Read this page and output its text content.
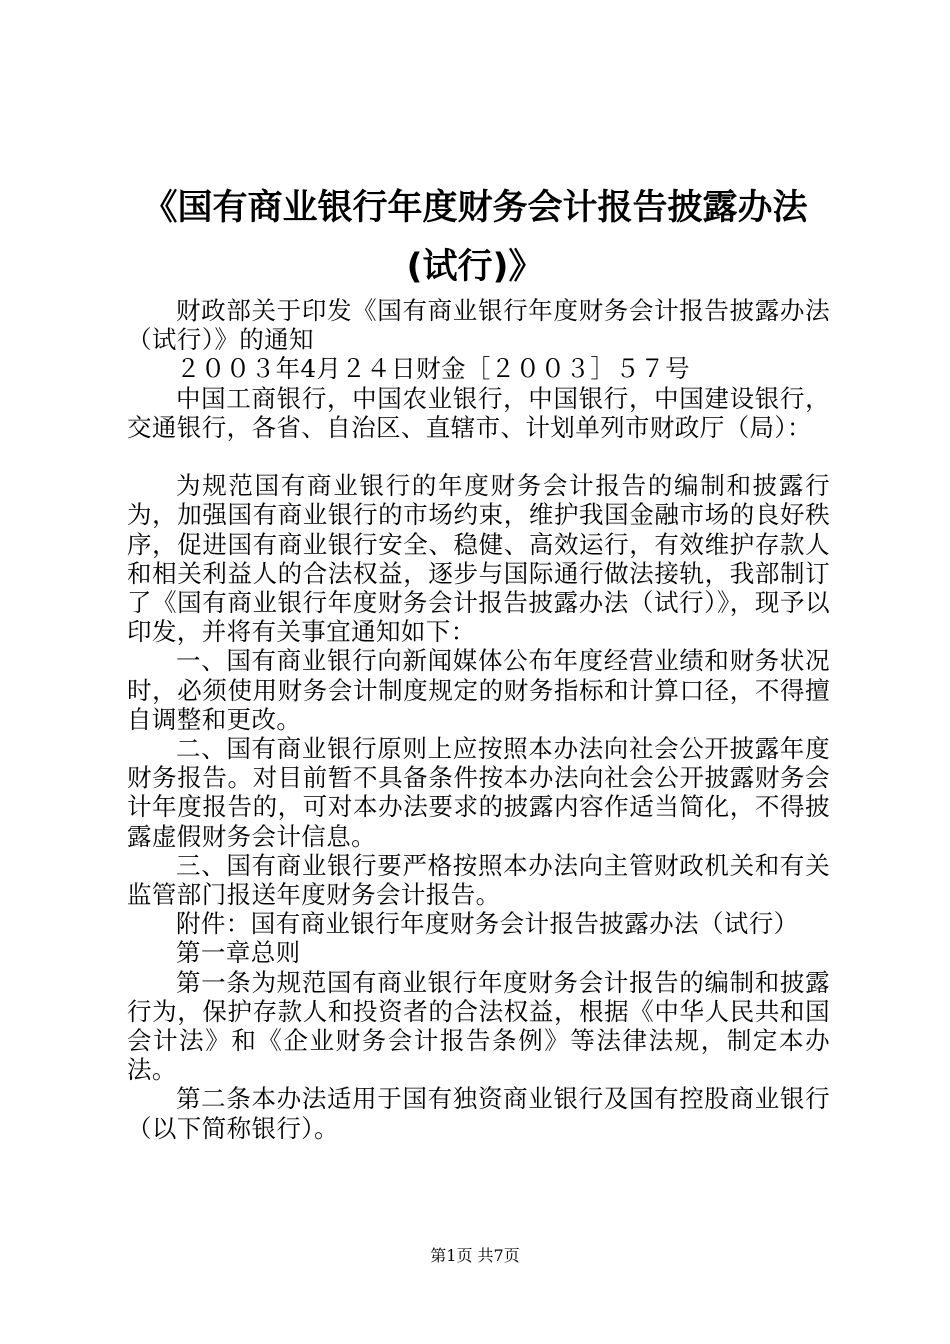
《国有商业银行年度财务会计报告披露办法
(试行)》

财政部关于印发《国有商业银行年度财务会计报告披露办法（试行）》的通知

２００３年4月２４日财金［２００３］５７号

中国工商银行，中国农业银行，中国银行，中国建设银行，交通银行，各省、自治区、直辖市、计划单列市财政厅（局）：

为规范国有商业银行的年度财务会计报告的编制和披露行为，加强国有商业银行的市场约束，维护我国金融市场的良好秩序，促进国有商业银行安全、稳健、高效运行，有效维护存款人和相关利益人的合法权益，逐步与国际通行做法接轨，我部制订了《国有商业银行年度财务会计报告披露办法（试行）》，现予以印发，并将有关事宜通知如下：

一、国有商业银行向新闻媒体公布年度经营业绩和财务状况时，必须使用财务会计制度规定的财务指标和计算口径，不得擅自调整和更改。

二、国有商业银行原则上应按照本办法向社会公开披露年度财务报告。对目前暂不具备条件按本办法向社会公开披露财务会计年度报告的，可对本办法要求的披露内容作适当简化，不得披露虚假财务会计信息。

三、国有商业银行要严格按照本办法向主管财政机关和有关监管部门报送年度财务会计报告。

附件：国有商业银行年度财务会计报告披露办法（试行）

第一章总则

第一条为规范国有商业银行年度财务会计报告的编制和披露行为，保护存款人和投资者的合法权益，根据《中华人民共和国会计法》和《企业财务会计报告条例》等法律法规，制定本办法。

第二条本办法适用于国有独资商业银行及国有控股商业银行（以下简称银行）。

第1页 共7页
